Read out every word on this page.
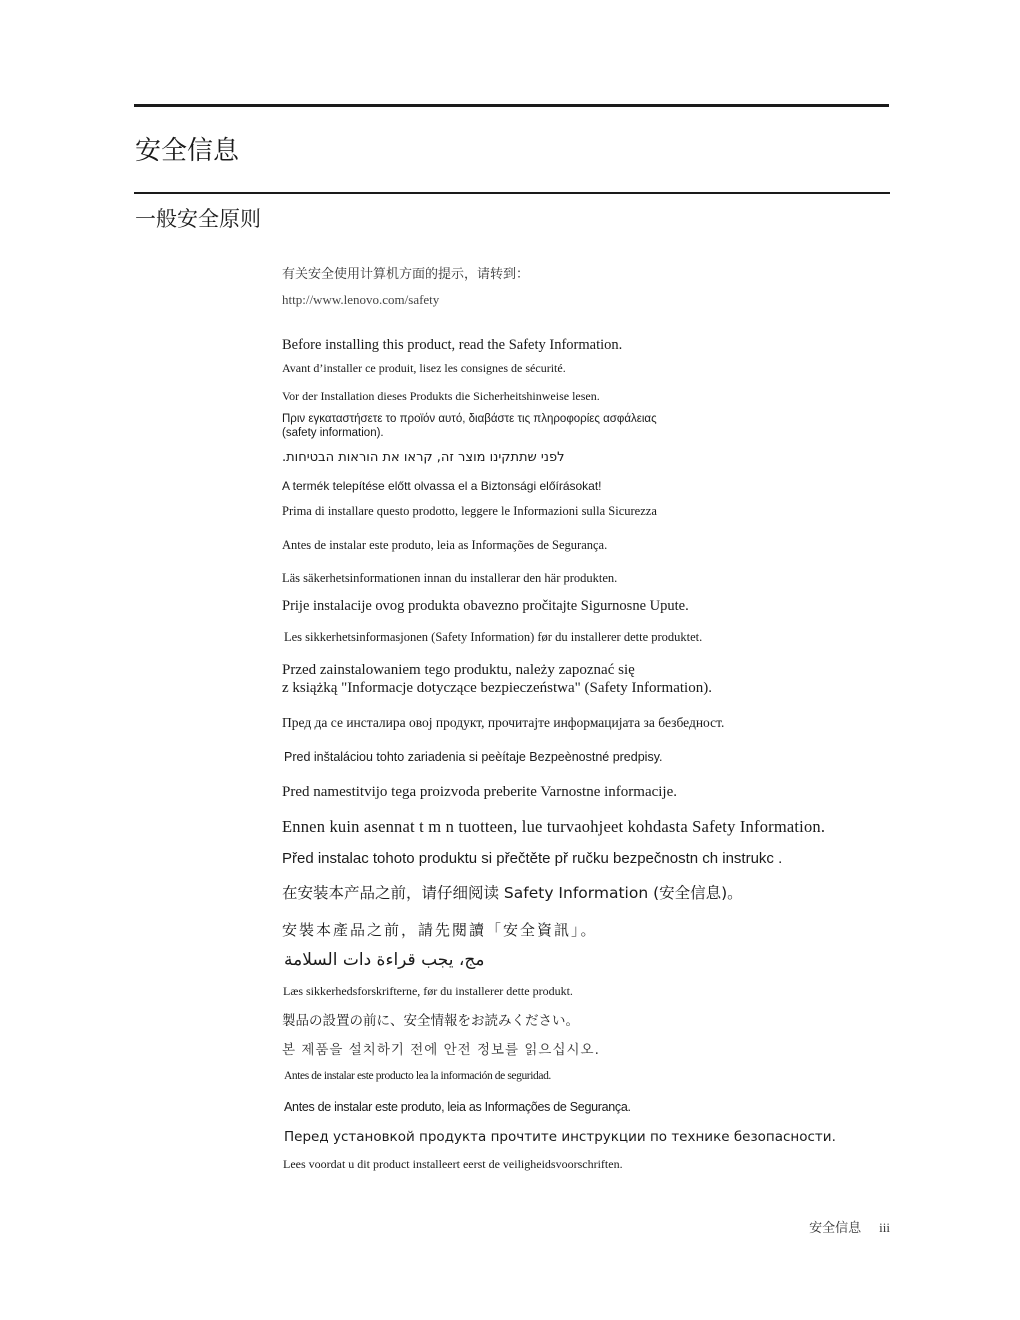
安全信息
一般安全原则
有关安全使用计算机方面的提示，请转到：
http://www.lenovo.com/safety
Before installing this product, read the Safety Information.
Avant d’installer ce produit, lisez les consignes de sécurité.
Vor der Installation dieses Produkts die Sicherheitshinweise lesen.
Πριν εγκαταστήσετε το προϊόν αυτό, διαβάστε τις πληροφορίες ασφάλειας
(safety information).
לפני שתתקינו מוצר זה, קראו את הוראות הבטיחות.
A termék telepítése előtt olvassa el a Biztonsági előírásokat!
Prima di installare questo prodotto, leggere le Informazioni sulla Sicurezza
Antes de instalar este produto, leia as Informações de Segurança.
Läs säkerhetsinformationen innan du installerar den här produkten.
Prije instalacije ovog produkta obavezno pročitajte Sigurnosne Upute.
Les sikkerhetsinformasjonen (Safety Information) før du installerer dette produktet.
Przed zainstalowaniem tego produktu, należy zapoznać się
z książką "Informacje dotyczące bezpieczeństwa" (Safety Information).
Пред да се инсталира овој продукт, прочитајте информацијата за безбедност.
Pred inštaláciou tohto zariadenia si peèítaje Bezpeènostné predpisy.
Pred namestitvijo tega proizvoda preberite Varnostne informacije.
Ennen kuin asennat t m n tuotteen, lue turvaohjeet kohdasta Safety Information.
Před instalac tohoto produktu si přečtěte př ručku bezpečnostn ch instrukc .
在安装本产品之前，请仔细阅读 Safety Information (安全信息)。
安裝本產品之前，請先閱讀「安全資訊」。
مج، يجب قراءة دات السلامة
Læs sikkerhedsforskrifterne, før du installerer dette produkt.
製品の設置の前に、安全情報をお読みください。
본 제품을 설치하기 전에 안전 정보를 읽으십시오.
Antes de instalar este producto lea la información de seguridad.
Antes de instalar este produto, leia as Informações de Segurança.
Перед установкой продукта прочтите инструкции по технике безопасности.
Lees voordat u dit product installeert eerst de veiligheidsvoorschriften.
安全信息 iii
